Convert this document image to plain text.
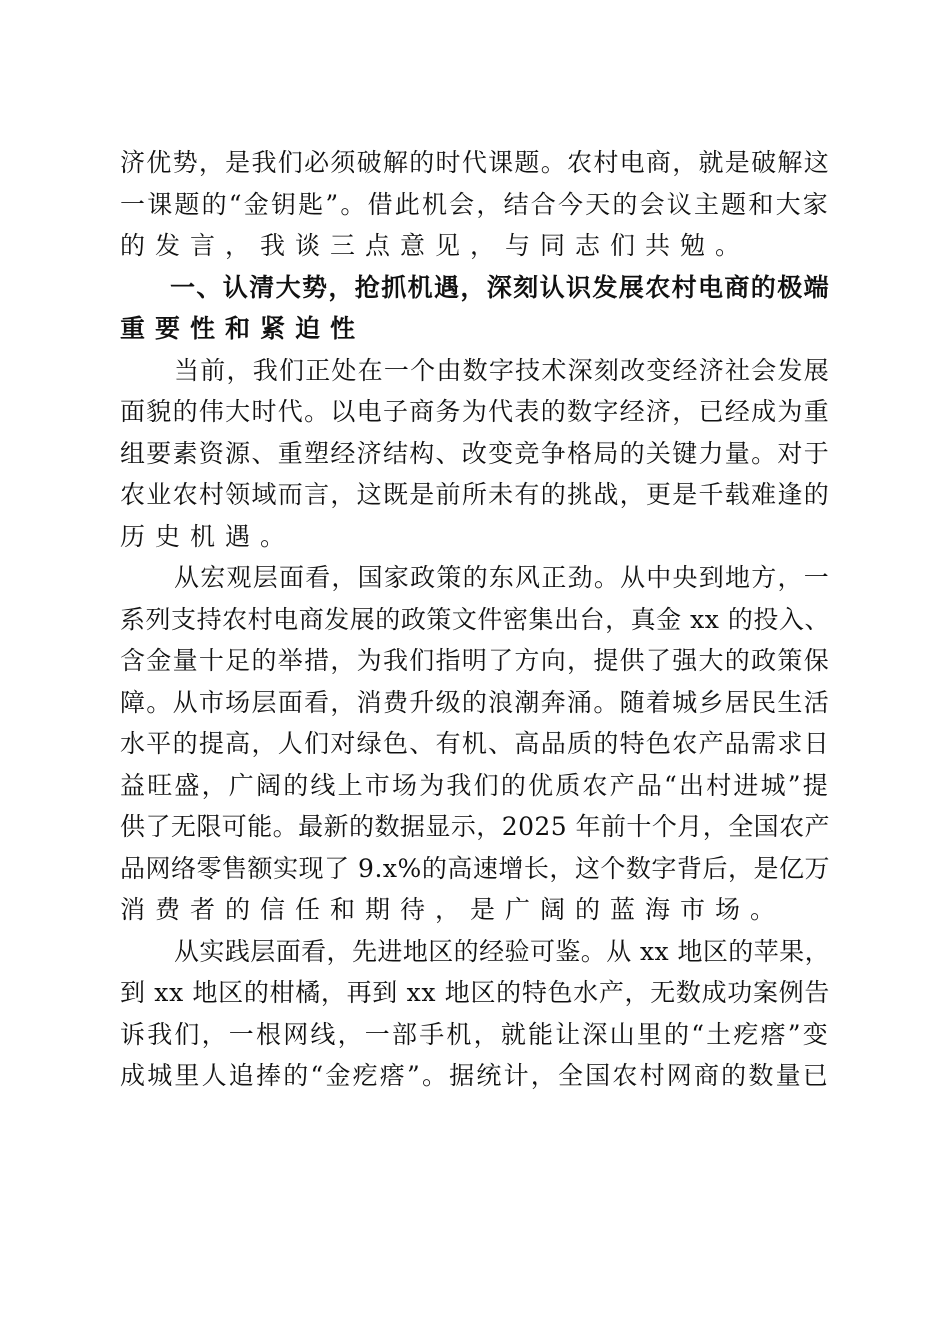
济优势，是我们必须破解的时代课题。农村电商，就是破解这
一课题的“金钥匙”。借此机会，结合今天的会议主题和大家
的发言，我谈三点意见，与同志们共勉。
一、认清大势，抢抓机遇，深刻认识发展农村电商的极端
重要性和紧迫性
当前，我们正处在一个由数字技术深刻改变经济社会发展
面貌的伟大时代。以电子商务为代表的数字经济，已经成为重
组要素资源、重塑经济结构、改变竞争格局的关键力量。对于
农业农村领域而言，这既是前所未有的挑战，更是千载难逢的
历史机遇。
从宏观层面看，国家政策的东风正劲。从中央到地方，一
系列支持农村电商发展的政策文件密集出台，真金 xx 的投入、
含金量十足的举措，为我们指明了方向，提供了强大的政策保
障。从市场层面看，消费升级的浪潮奔涌。随着城乡居民生活
水平的提高，人们对绿色、有机、高品质的特色农产品需求日
益旺盛，广阔的线上市场为我们的优质农产品“出村进城”提
供了无限可能。最新的数据显示，2025 年前十个月，全国农产
品网络零售额实现了 9.x%的高速增长，这个数字背后，是亿万
消费者的信任和期待，是广阔的蓝海市场。
从实践层面看，先进地区的经验可鉴。从 xx 地区的苹果，
到 xx 地区的柑橘，再到 xx 地区的特色水产，无数成功案例告
诉我们，一根网线，一部手机，就能让深山里的“土疙瘩”变
成城里人追捧的“金疙瘩”。据统计，全国农村网商的数量已
